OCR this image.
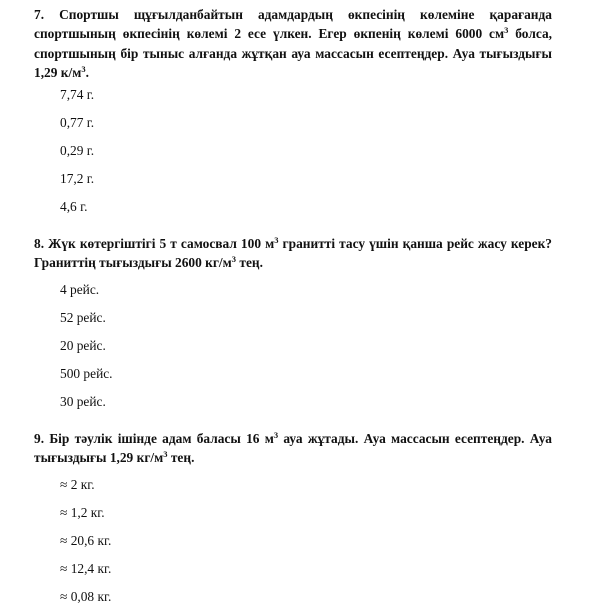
7. Спортшы щұғылданбайтын адамдардың өкпесінің көлеміне қарағанда спортшының өкпесінің көлемі 2 есе үлкен. Егер өкпенің көлемі 6000 $см^3$ болса, спортшының бір тыныс алғанда жұтқан ауа массасын есептеңдер. Ауа тығыздығы 1,29 $к/м^3$.
7,74 г.
0,77 г.
0,29 г.
17,2 г.
4,6 г.
8. Жүк көтергіштігі 5 т самосвал 100 $м^3$ гранитті тасу үшін қанша рейс жасу керек? Граниттің тығыздығы 2600 $кг/м^3$ тең.
4 рейс.
52 рейс.
20 рейс.
500 рейс.
30 рейс.
9. Бір тәулік ішінде адам баласы 16 $м^3$ ауа жұтады. Ауа массасын есептеңдер. Ауа тығыздығы 1,29 $кг/м^3$ тең.
≈ 2 кг.
≈ 1,2 кг.
≈ 20,6 кг.
≈ 12,4 кг.
≈ 0,08 кг.
